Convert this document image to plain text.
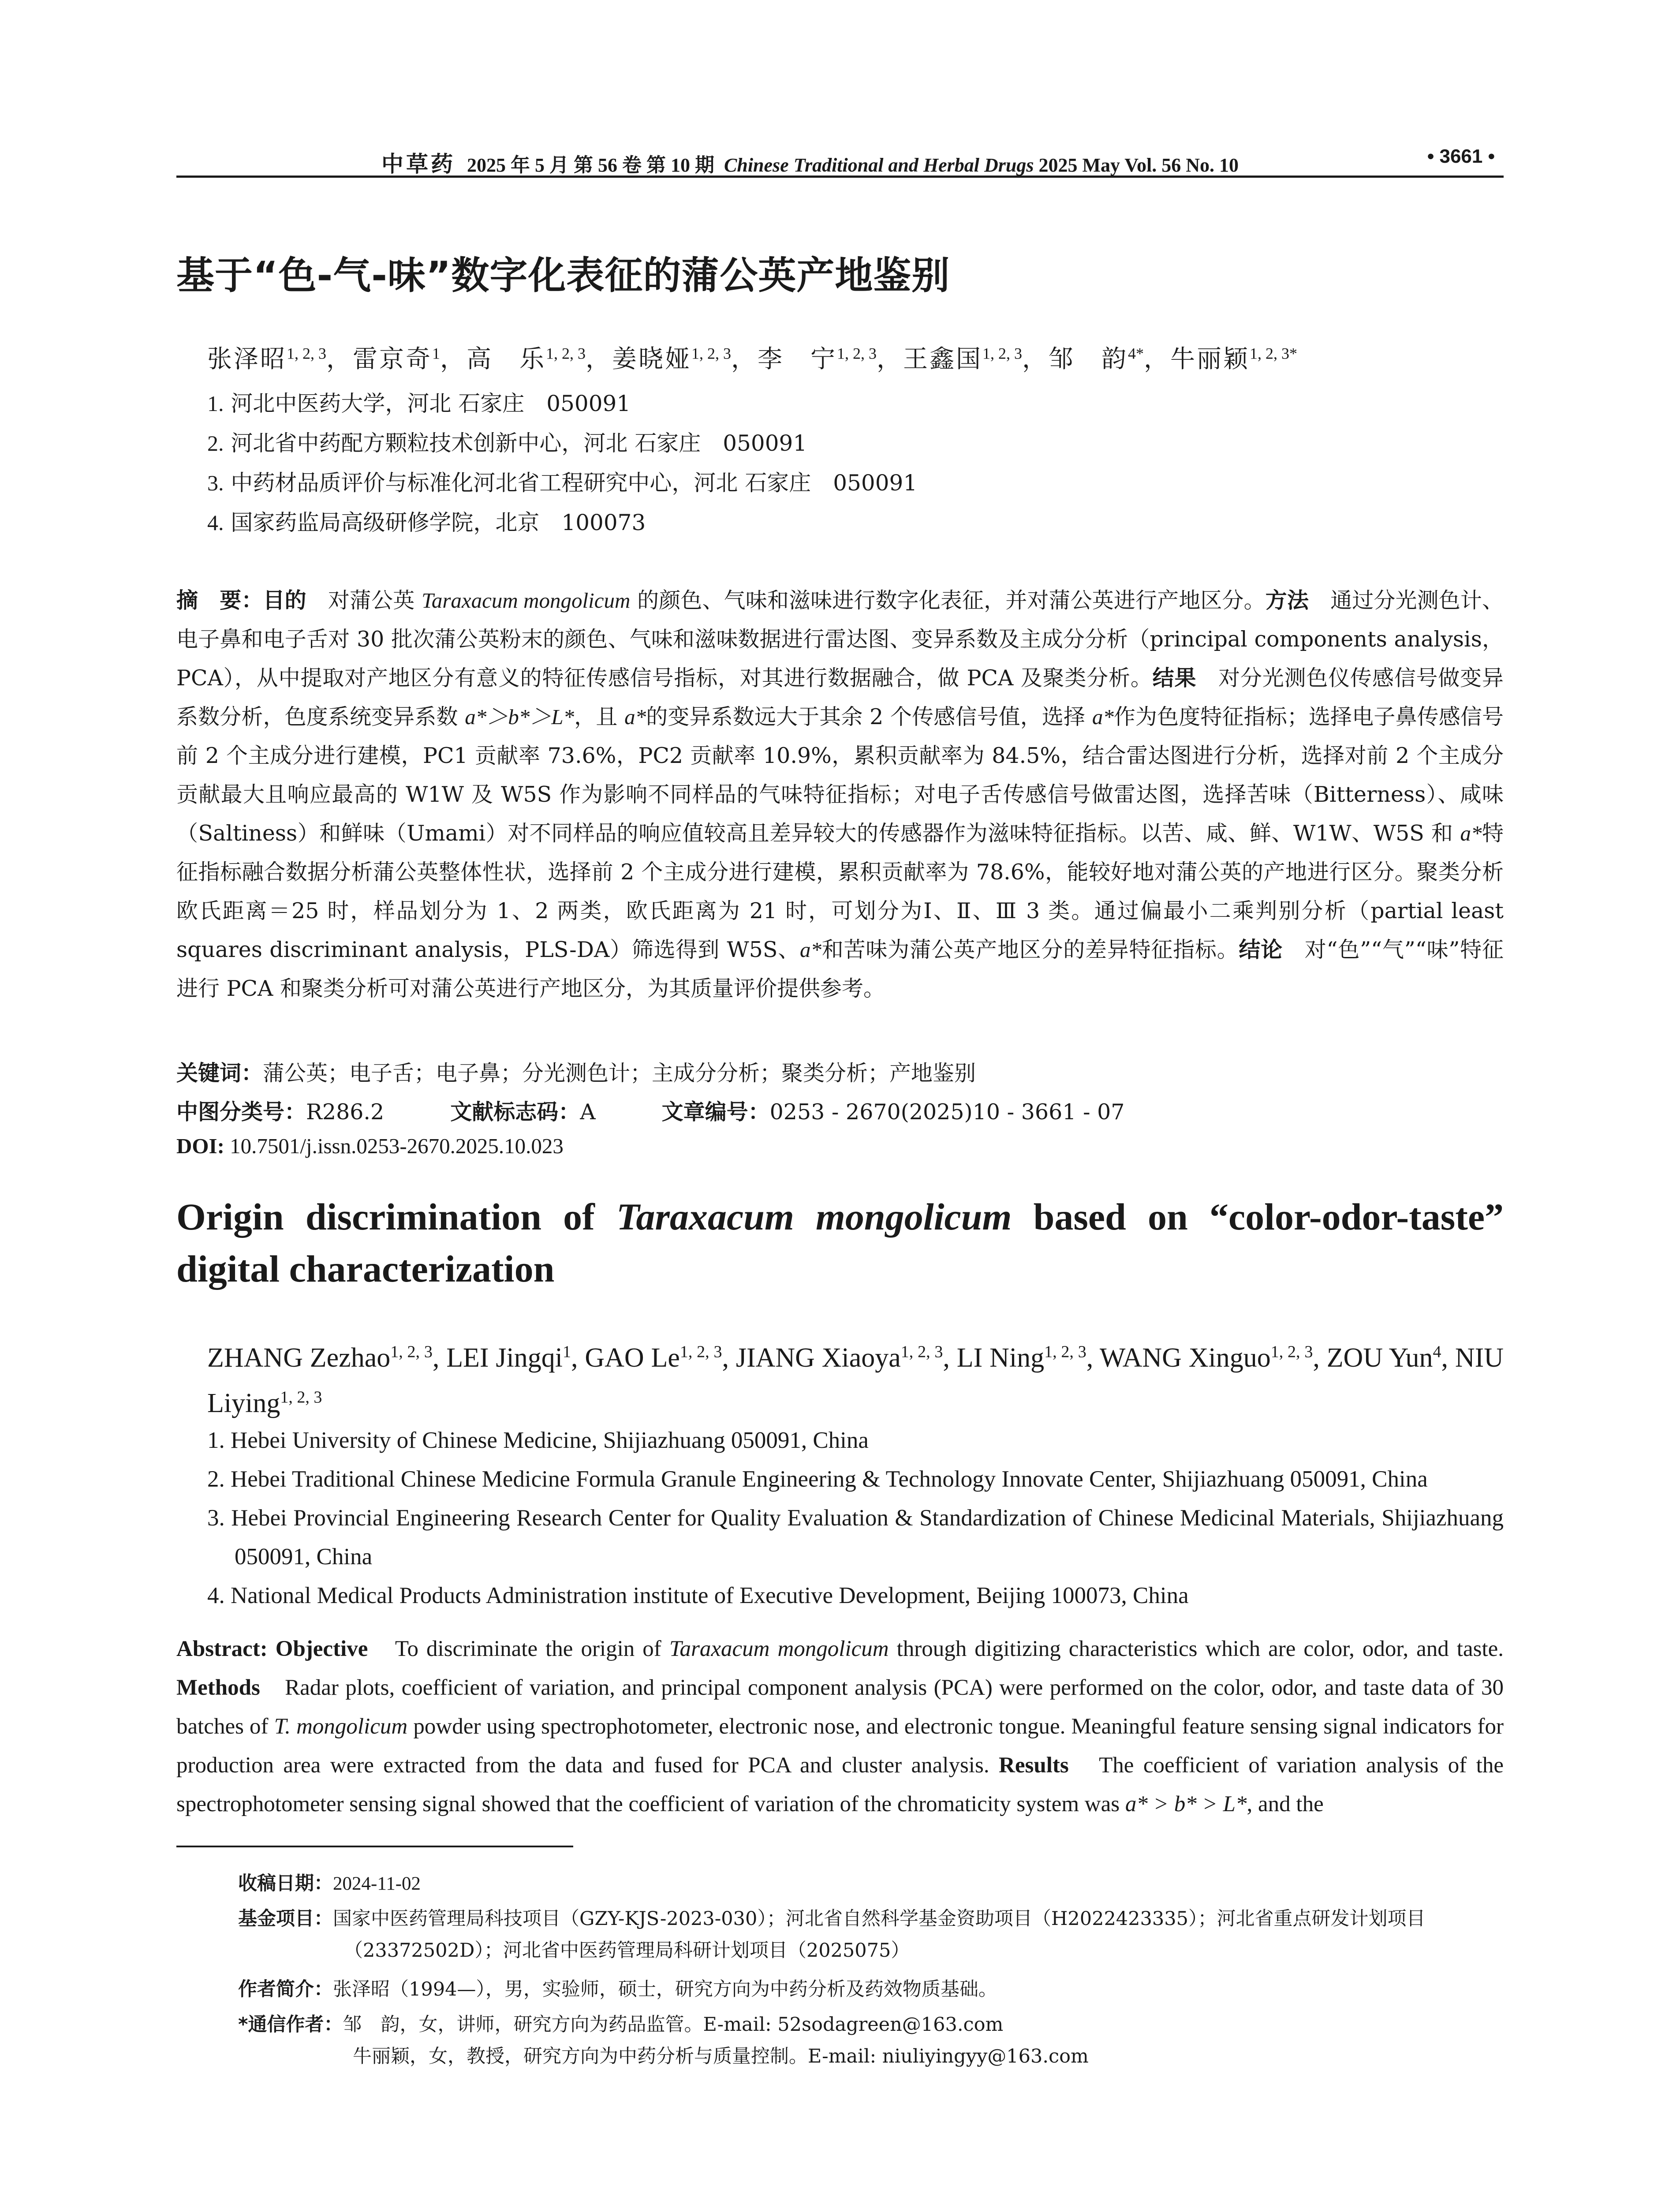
中草药 2025 年 5 月 第 56 卷 第 10 期 Chinese Traditional and Herbal Drugs 2025 May Vol. 56 No. 10	• 3661 •
基于“色-气-味”数字化表征的蒲公英产地鉴别
张泽昭$^{1, 2, 3}$，雷京奇$^1$，高　乐$^{1, 2, 3}$，姜晓娅$^{1, 2, 3}$，李　宁$^{1, 2, 3}$，王鑫国$^{1, 2, 3}$，邹　韵$^{4*}$，牛丽颖$^{1, 2, 3*}$
1. 河北中医药大学，河北 石家庄　050091
2. 河北省中药配方颗粒技术创新中心，河北 石家庄　050091
3. 中药材品质评价与标准化河北省工程研究中心，河北 石家庄　050091
4. 国家药监局高级研修学院，北京　100073
摘　要：目的　对蒲公英 Taraxacum mongolicum 的颜色、气味和滋味进行数字化表征，并对蒲公英进行产地区分。方法　通过分光测色计、电子鼻和电子舌对 30 批次蒲公英粉末的颜色、气味和滋味数据进行雷达图、变异系数及主成分分析（principal components analysis，PCA），从中提取对产地区分有意义的特征传感信号指标，对其进行数据融合，做 PCA 及聚类分析。结果　对分光测色仪传感信号做变异系数分析，色度系统变异系数 a*＞b*＞L*，且 a*的变异系数远大于其余 2 个传感信号值，选择 a*作为色度特征指标；选择电子鼻传感信号前 2 个主成分进行建模，PC1 贡献率 73.6%，PC2 贡献率 10.9%，累积贡献率为 84.5%，结合雷达图进行分析，选择对前 2 个主成分贡献最大且响应最高的 W1W 及 W5S 作为影响不同样品的气味特征指标；对电子舌传感信号做雷达图，选择苦味（Bitterness）、咸味（Saltiness）和鲜味（Umami）对不同样品的响应值较高且差异较大的传感器作为滋味特征指标。以苦、咸、鲜、W1W、W5S 和 a*特征指标融合数据分析蒲公英整体性状，选择前 2 个主成分进行建模，累积贡献率为 78.6%，能较好地对蒲公英的产地进行区分。聚类分析欧氏距离＝25 时，样品划分为 1、2 两类，欧氏距离为 21 时，可划分为Ⅰ、Ⅱ、Ⅲ 3 类。通过偏最小二乘判别分析（partial least squares discriminant analysis，PLS-DA）筛选得到 W5S、a*和苦味为蒲公英产地区分的差异特征指标。结论　对“色”“气”“味”特征进行 PCA 和聚类分析可对蒲公英进行产地区分，为其质量评价提供参考。
关键词：蒲公英；电子舌；电子鼻；分光测色计；主成分分析；聚类分析；产地鉴别
中图分类号：R286.2	文献标志码：A	文章编号：0253 - 2670(2025)10 - 3661 - 07
DOI: 10.7501/j.issn.0253-2670.2025.10.023
Origin discrimination of Taraxacum mongolicum based on “color-odor-taste” digital characterization
ZHANG Zezhao$^{1, 2, 3}$, LEI Jingqi$^1$, GAO Le$^{1, 2, 3}$, JIANG Xiaoya$^{1, 2, 3}$, LI Ning$^{1, 2, 3}$, WANG Xinguo$^{1, 2, 3}$, ZOU Yun$^4$, NIU Liying$^{1, 2, 3}$
1. Hebei University of Chinese Medicine, Shijiazhuang 050091, China
2. Hebei Traditional Chinese Medicine Formula Granule Engineering & Technology Innovate Center, Shijiazhuang 050091, China
3. Hebei Provincial Engineering Research Center for Quality Evaluation & Standardization of Chinese Medicinal Materials, Shijiazhuang 050091, China
4. National Medical Products Administration institute of Executive Development, Beijing 100073, China
Abstract: Objective　To discriminate the origin of Taraxacum mongolicum through digitizing characteristics which are color, odor, and taste. Methods　Radar plots, coefficient of variation, and principal component analysis (PCA) were performed on the color, odor, and taste data of 30 batches of T. mongolicum powder using spectrophotometer, electronic nose, and electronic tongue. Meaningful feature sensing signal indicators for production area were extracted from the data and fused for PCA and cluster analysis. Results　The coefficient of variation analysis of the spectrophotometer sensing signal showed that the coefficient of variation of the chromaticity system was a* > b* > L*, and the
收稿日期：2024-11-02
基金项目：国家中医药管理局科技项目（GZY-KJS-2023-030）；河北省自然科学基金资助项目（H2022423335）；河北省重点研发计划项目
（23372502D）；河北省中医药管理局科研计划项目（2025075）
作者简介：张泽昭（1994—），男，实验师，硕士，研究方向为中药分析及药效物质基础。
*通信作者：邹　韵，女，讲师，研究方向为药品监管。E-mail: 52sodagreen@163.com
牛丽颖，女，教授，研究方向为中药分析与质量控制。E-mail: niuliyingyy@163.com
